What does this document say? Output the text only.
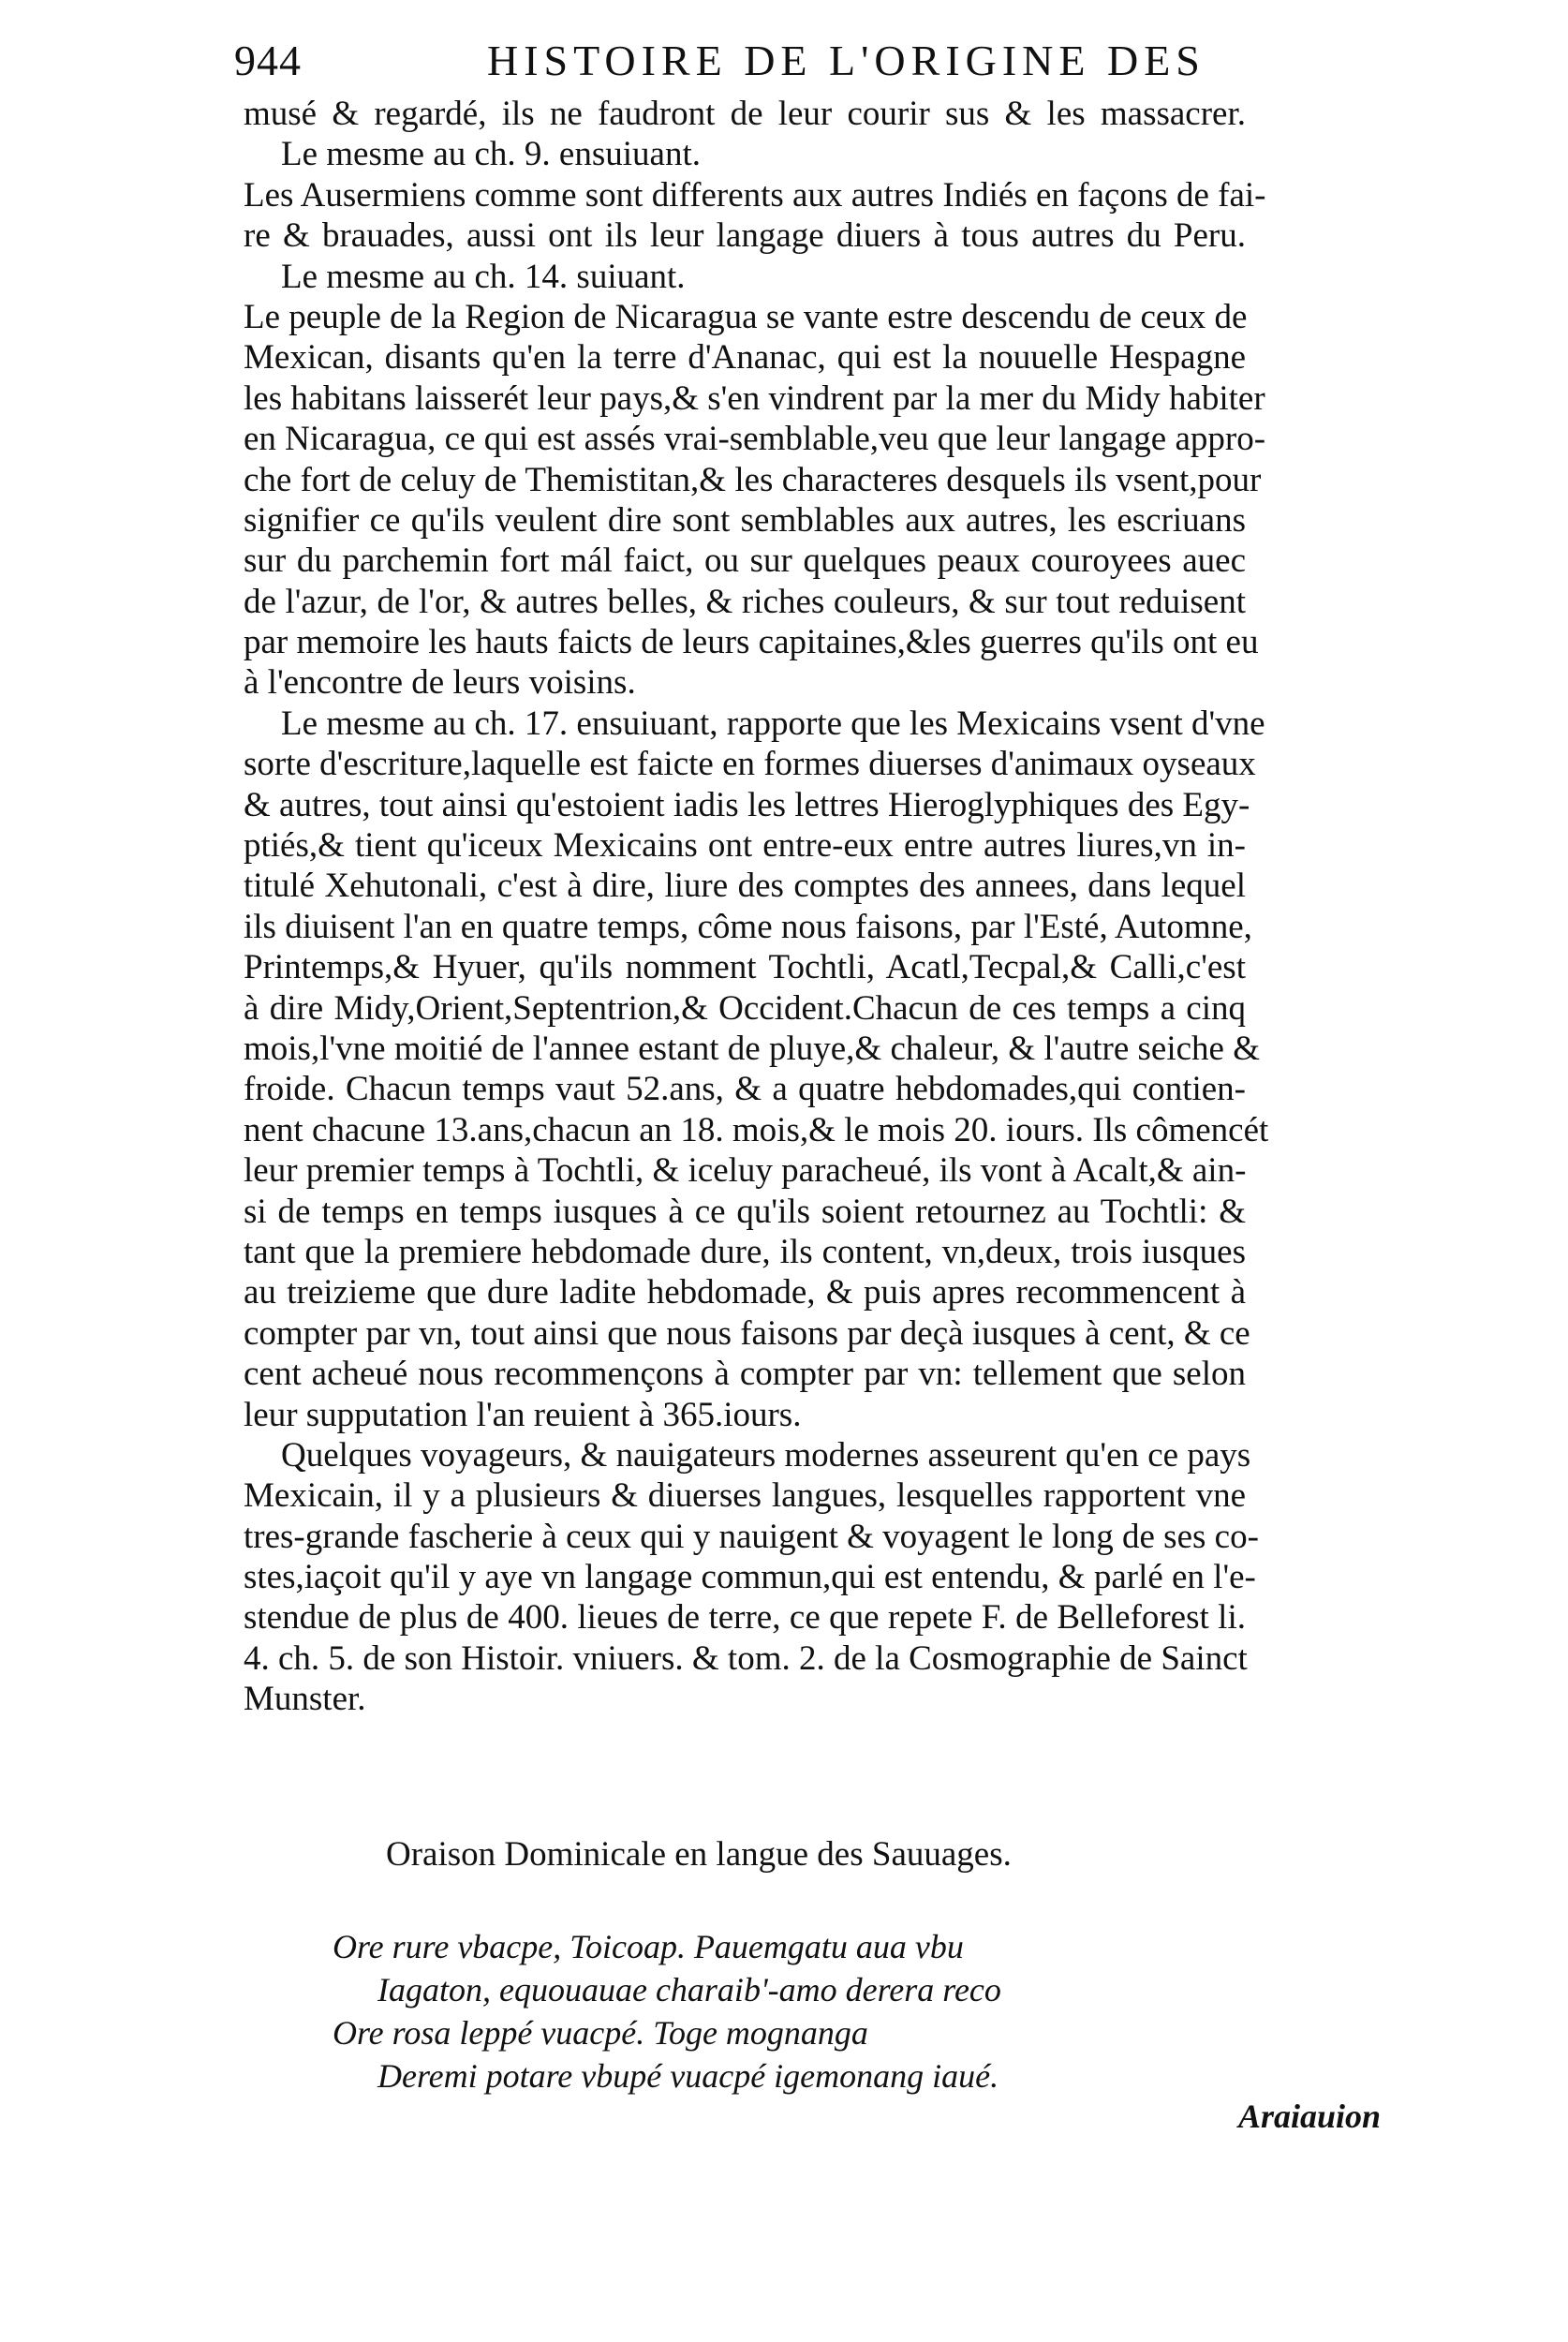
944	HISTOIRE DE L'ORIGINE DES
musé & regardé, ils ne faudront de leur courir sus & les massacrer.
Le mesme au ch. 9. ensuiuant.
Les Ausermiens comme sont differents aux autres Indiés en façons de fai-
re & brauades, aussi ont ils leur langage diuers à tous autres du Peru.
Le mesme au ch. 14. suiuant.
Le peuple de la Region de Nicaragua se vante estre descendu de ceux de
Mexican, disants qu'en la terre d'Ananac, qui est la nouuelle Hespagne
les habitans laisserét leur pays,& s'en vindrent par la mer du Midy habiter
en Nicaragua, ce qui est assés vrai-semblable,veu que leur langage appro-
che fort de celuy de Themistitan,& les characteres desquels ils vsent,pour
signifier ce qu'ils veulent dire sont semblables aux autres, les escriuans
sur du parchemin fort mál faict, ou sur quelques peaux couroyees auec
de l'azur, de l'or, & autres belles, & riches couleurs, & sur tout reduisent
par memoire les hauts faicts de leurs capitaines,&les guerres qu'ils ont eu
à l'encontre de leurs voisins.
Le mesme au ch. 17. ensuiuant, rapporte que les Mexicains vsent d'vne
sorte d'escriture,laquelle est faicte en formes diuerses d'animaux oyseaux
& autres, tout ainsi qu'estoient iadis les lettres Hieroglyphiques des Egy-
ptiés,& tient qu'iceux Mexicains ont entre-eux entre autres liures,vn in-
titulé Xehutonali, c'est à dire, liure des comptes des annees, dans lequel
ils diuisent l'an en quatre temps, côme nous faisons, par l'Esté, Automne,
Printemps,& Hyuer, qu'ils nomment Tochtli, Acatl,Tecpal,& Calli,c'est
à dire Midy,Orient,Septentrion,& Occident.Chacun de ces temps a cinq
mois,l'vne moitié de l'annee estant de pluye,& chaleur, & l'autre seiche &
froide. Chacun temps vaut 52.ans, & a quatre hebdomades,qui contien-
nent chacune 13.ans,chacun an 18. mois,& le mois 20. iours. Ils cômencét
leur premier temps à Tochtli, & iceluy paracheué, ils vont à Acalt,& ain-
si de temps en temps iusques à ce qu'ils soient retournez au Tochtli: &
tant que la premiere hebdomade dure, ils content, vn,deux, trois iusques
au treizieme que dure ladite hebdomade, & puis apres recommencent à
compter par vn, tout ainsi que nous faisons par deçà iusques à cent, & ce
cent acheué nous recommençons à compter par vn: tellement que selon
leur supputation l'an reuient à 365.iours.
Quelques voyageurs, & nauigateurs modernes asseurent qu'en ce pays
Mexicain, il y a plusieurs & diuerses langues, lesquelles rapportent vne
tres-grande fascherie à ceux qui y nauigent & voyagent le long de ses co-
stes,iaçoit qu'il y aye vn langage commun,qui est entendu, & parlé en l'e-
stendue de plus de 400. lieues de terre, ce que repete F. de Belleforest li.
4. ch. 5. de son Histoir. vniuers. & tom. 2. de la Cosmographie de Sainct
Munster.
Oraison Dominicale en langue des Sauuages.
Ore rure vbacpe, Toicoap. Pauemgatu aua vbu
Iagaton, equouauae charaib'-amo derera reco
Ore rosa leppé vuacpé. Toge mognanga
Deremi potare vbupé vuacpé igemonang iaué.
Araiauion
